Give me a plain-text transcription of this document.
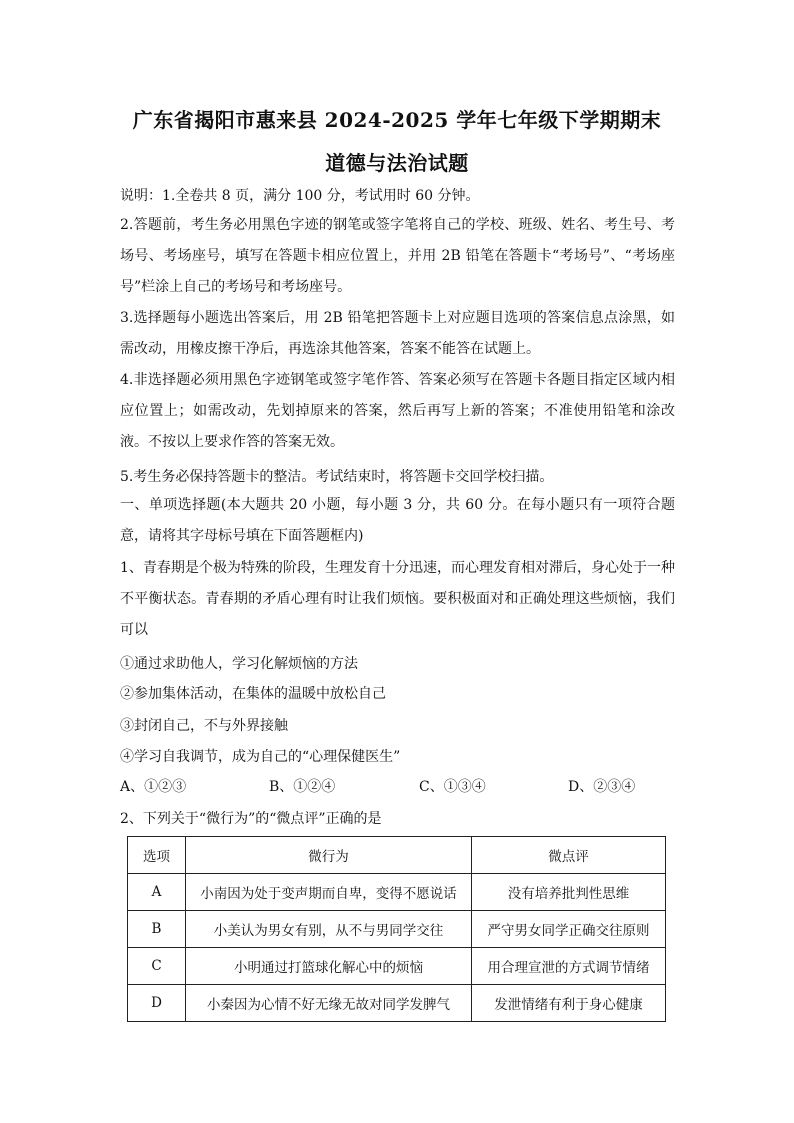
广东省揭阳市惠来县 2024-2025 学年七年级下学期期末
道德与法治试题
说明：1.全卷共 8 页，满分 100 分，考试用时 60 分钟。

2.答题前，考生务必用黑色字迹的钢笔或签字笔将自己的学校、班级、姓名、考生号、考场号、考场座号，填写在答题卡相应位置上，并用 2B 铅笔在答题卡“考场号”、“考场座号”栏涂上自己的考场号和考场座号。

3.选择题每小题选出答案后，用 2B 铅笔把答题卡上对应题目选项的答案信息点涂黑，如需改动，用橡皮擦干净后，再选涂其他答案，答案不能答在试题上。

4.非选择题必须用黑色字迹钢笔或签字笔作答、答案必须写在答题卡各题目指定区域内相应位置上；如需改动，先划掉原来的答案，然后再写上新的答案；不准使用铅笔和涂改液。不按以上要求作答的答案无效。

5.考生务必保持答题卡的整洁。考试结束时，将答题卡交回学校扫描。

一、单项选择题(本大题共 20 小题，每小题 3 分，共 60 分。在每小题只有一项符合题意，请将其字母标号填在下面答题框内)

1、青春期是个极为特殊的阶段，生理发育十分迅速，而心理发育相对滞后，身心处于一种不平衡状态。青春期的矛盾心理有时让我们烦恼。要积极面对和正确处理这些烦恼，我们可以

①通过求助他人，学习化解烦恼的方法
②参加集体活动，在集体的温暖中放松自己
③封闭自己，不与外界接触
④学习自我调节，成为自己的“心理保健医生”
A、①②③	B、①②④	C、①③④	D、②③④
2、下列关于“微行为”的“微点评”正确的是
选项	微行为	微点评
A	小南因为处于变声期而自卑，变得不愿说话	没有培养批判性思维
B	小美认为男女有别，从不与男同学交往	严守男女同学正确交往原则
C	小明通过打篮球化解心中的烦恼	用合理宣泄的方式调节情绪
D	小秦因为心情不好无缘无故对同学发脾气	发泄情绪有利于身心健康
